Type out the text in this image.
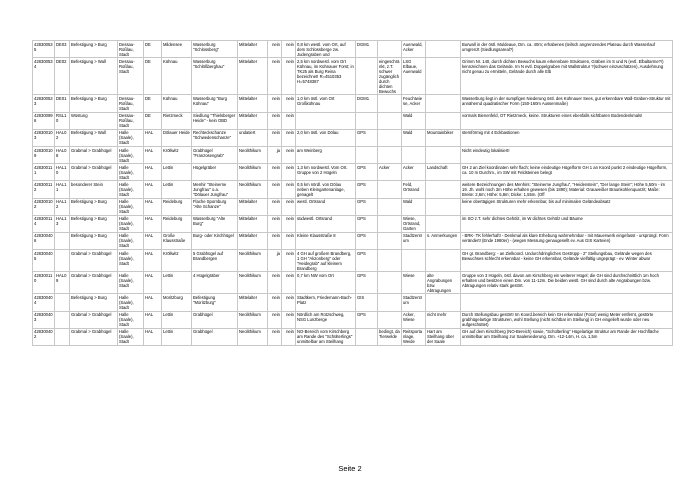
428300535	DE03	Befestigung > Burg	Dessau-Roßlau, Stadt	DE	Mildensee	Wasserburg "Schlossberg"	Mittelalter	nein	nein	0,8 km westl. vom Ort, auf dem Schlossberge zw. Judengraben und	DGM1		Auenwald, Acker		Burwall in der östl. Muldeaue, Dm. ca. 40m; erhabenes (teilsch angrenzendes Plateau durch Wasserlauf umgrenzt (Siedlungsareal?)
428300534	DE02	Befestigung > Wall	Dessau-Roßlau, Stadt	DE	Kühnau	Wasserburg "Schlößberghau"	Mittelalter	nein	nein	2,5 km nordwestl. vom Ort Kühnau, im Kühnauer Forst; in TK25 als Burg Reina bezeichnet! R=4510353 H=5748387		eingeschränkt, z.T. schwer zugänglich durch dichten Bewuchs	LSG Elbaue, Auenwald		Grimm Nr. 140, durch dichten Bewuchs kaum erkennbare Strukturen, Gräben im S und N (evtl. Elbaltarme?!) kennzeichnen das Gelände. Im N evtl. Doppelgraben mit Wallstruktur ?(schwer einzuschätzen), Ausdehnung nicht genau zu ermitteln, Gelände durch alle Elb
428300533	DE01	Befestigung > Burg	Dessau-Roßlau, Stadt	DE	Kühnau	Wasserburg "Burg Kühnau"	Mittelalter	nein	nein	1,0 km östl. vom Ort Großkühnau	DGM1		Feuchtwiese, Acker		Wasserburg liegt in der sumpfigen Niederung östl. des Kühnauer Sees, gut erkennbare Wall-Graben-Struktur mit annähernd quadratischer Form (150-160m Aussenmaße)
428300996	RSL10	Wüstung	Dessau-Roßlau, Stadt	DE	Rietzmeck	Siedlung "Thielsberger Heide" - kein OBD	Mittelalter	nein	nein				Wald		vormals Bienenfeld, OT Rietzmeck, keine. Strukturen eines ebenfalls sichtbaren Bodendenkmals!
428300103	HAL02	Befestigung > Wall	Halle (Saale), Stadt	HAL	Dölauer Heide	Rechteckschanze "Schwedenschanze"	undatiert	nein	nein	2,0 km östl. von Dölau	GPS		Wald	Mountainbiker	sternförmig mit 4 Eckbastionen
428300109	HAL08	Grabmal > Grabhügel	Halle (Saale), Stadt	HAL	Kröllwitz	Grabhügel "Franzosengrab"	Neolithikum	ja	nein	am Weinberg					Nicht eindeutig lokalisiert!
428300111	HAL10	Grabmal > Grabhügel	Halle (Saale), Stadt	HAL	Lettin	Hügelgräber	Neolithikum	nein	nein	1,3 km nordwestl. Vom Ort. Gruppe von 2 Hügeln	GPS	Acker	Acker	Landschaft	GH 2 an Ziel koordinaten sehr flach; keine eindeutige Hügelform GH 1 an Koord punkt 2 eindeutige Hügelform, ca. 10 m Durchm., im SW mit Feldsteinen belegt
428300112	HAL11	besonderer Stein	Halle (Saale), Stadt	HAL	Lettin	Menhir "Steinerne Jungfrau" o.a. "Dölauer Jungfrau"	Neolithikum	nein	nein	0,5 km nördl. von Dölau neben Kleingartenanlage, genagelt	GPS		Feld, Ortsrand		weitere Bezeichnungen des Menhirs: "Steinerne Jungfrau", "Heidenstein", "Der lange Stein"; Höhe 5,50m - im 19. Jh. wohl noch 3m Höhe erhalten gewesen (bis 1890); Material: Grauweißer Braunkohlenquarzit; Maße: Breite: 2,6m; Höhe: 5,8m; Dicke: 1,55m. (Off
428300102	HAL12	Befestigung > Burg	Halle (Saale), Stadt	HAL	Reideburg	Flache Spornburg "Alte Schanze"	Mittelalter	nein	nein	westl. Ortsrand	GPS		Wald		keine obertägigen Strukturen mehr erkennbar, bis auf minimalen Geländeabsatz
428300114	HAL13	Befestigung > Burg	Halle (Saale), Stadt	HAL	Reideburg	Wasserburg "Alte Burg"	Mittelalter	nein	nein	südwestl. Ortsrand	GPS		Wiese, Ortsrand, Garten		im SO z.T. sehr dichtes Gehölz, im W dichtes Gehölz und Bäume
428300406		Befestigung > Burg	Halle (Saale), Stadt	HAL	Große Klausstraße	Burg- oder Kirchhügel	Mittelalter	nein	nein	Kleine Klausstraße 8	GPS		Stadtzentrum	s. Anmerkungen	- BRK- TK fehlerhaft! - Denkmal als klare Erhebung wahrnehmbar - mit Mauerwerk eingefasst - ursprüngl. Form verändert! (Ende 1980er) - (wegen Messung genaugesellt ev. Aus GIS Karteien)
428300405		Grabmal > Grabhügel	Halle (Saale), Stadt	HAL	Kröllwitz	5 Grabhügel auf Brandbergen	Neolithikum	ja	nein	4 GH auf großem Brandberg, 1 GH "Akzonberg" oder "Heidegrab" auf kleinem Brandberg	GPS				GH gr. Brandberg: - an Zielkoord. Undurchdringliches Gestrüpp - 2" Stellungsbau, Gelände wegen des Bewuchses schlecht erkennbar - keine GH erkennbar, Gelände vielfältig ungeprägt - ev. Winter abwar
428300110	HAL09	Grabmal > Grabhügel	Halle (Saale), Stadt	HAL	Lettin	4 Hügelgräber	Neolithikum	nein	nein	0,7 km NW vom Ort	GPS		Wiese	alte Angrabungen bzw. Abtragungen	Gruppe von 3 Hügeln, östl. davon am Kirschberg ein weiterer Hügel; die GH sind durchschnittlich 1m hoch erhalten und besitzen einen Dm. von 11-12m. Die beiden westl. GH sind durch alte Angrabungen bzw. Abtragungen relativ stark gestört.
428300404		Befestigung > Burg	Halle (Saale), Stadt	HAL	Moritzburg	Befestigung "Moritzburg"	Mittelalter	nein	nein	Stadtkern, Friedemann-Bach-Platz	GIS		Stadtzentrum		
428300403		Grabmal > Grabhügel	Halle (Saale), Stadt	HAL	Lettin	Grabhügel	Neolithikum	nein	nein	Nördlich am Rotzschweg, NSG Lunzberge	GPS		Acker, Wiese	nicht mehr	Durch Stellungsbau gestört! Im Koord.bereich kein GH erkennbar (Foto!) wenig Meter entfernt, gestörte grabhügelartige Strukturen, wohl Stellung (nicht sichtbar im Stellung) in GH eingelieft wurde oder neu aufgeschüttet)
428300402		Grabmal > Grabhügel	Halle (Saale), Stadt	HAL	Lettin	Grabhügel	Neolithikum	nein	nein	NO-Bereich vom Kirschberg am Rande des "Schülterlings" unmittelbar am Steilhang		bedingt, da Tierwelde	Reitsportanlage, Weide	Hart am Steilhang über der Saale	GH auf dem Kirschberg (NO-Bereich) sowie, "Schülterling" Hügelartige Struktur am Rande der Hochfläche unmittelbar am Steilhang zur Saaleniederung. Dm. +12-14m, H. ca. 1,5m
Seite 2
